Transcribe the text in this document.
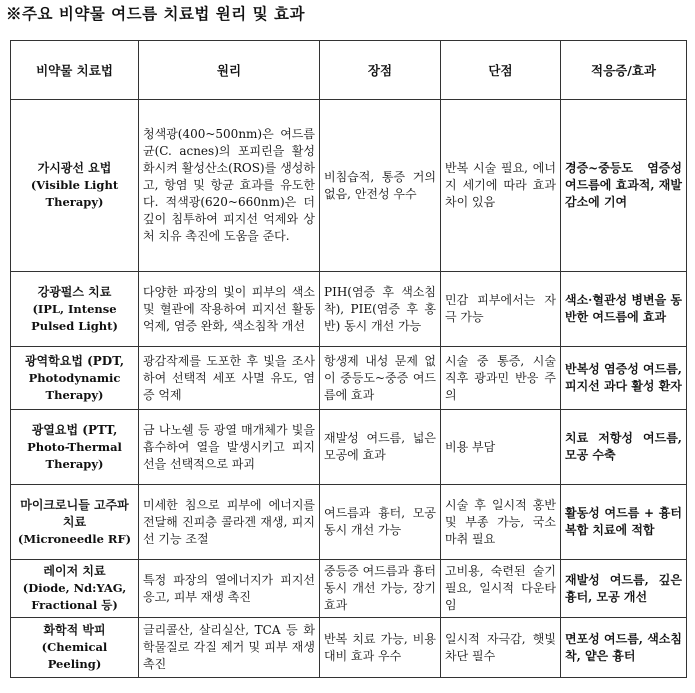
※주요 비약물 여드름 치료법 원리 및 효과
비약물 치료법	원리	장점	단점	적응증/효과

가시광선 요법
(Visible Light Therapy)	청색광(400~500nm)은 여드름균(C. acnes)의 포피린을 활성화시켜 활성산소(ROS)를 생성하고, 항염 및 항균 효과를 유도한다. 적색광(620~660nm)은 더 깊이 침투하여 피지선 억제와 상처 치유 촉진에 도움을 준다.	비침습적, 통증 거의 없음, 안전성 우수	반복 시술 필요, 에너지 세기에 따라 효과 차이 있음	경증~중등도 염증성 여드름에 효과적, 재발 감소에 기여

강광펄스 치료
(IPL, Intense Pulsed Light)	다양한 파장의 빛이 피부의 색소 및 혈관에 작용하여 피지선 활동 억제, 염증 완화, 색소침착 개선	PIH(염증 후 색소침착), PIE(염증 후 홍반) 동시 개선 가능	민감 피부에서는 자극 가능	색소·혈관성 병변을 동반한 여드름에 효과

광역학요법 (PDT,
Photodynamic Therapy)	광감작제를 도포한 후 빛을 조사하여 선택적 세포 사멸 유도, 염증 억제	항생제 내성 문제 없이 중등도~중증 여드름에 효과	시술 중 통증, 시술 직후 광과민 반응 주의	반복성 염증성 여드름, 피지선 과다 활성 환자

광열요법 (PTT,
Photo-Thermal Therapy)	금 나노쉘 등 광열 매개체가 빛을 흡수하여 열을 발생시키고 피지선을 선택적으로 파괴	재발성 여드름, 넓은 모공에 효과	비용 부담	치료 저항성 여드름, 모공 수축

마이크로니들 고주파 치료
(Microneedle RF)	미세한 침으로 피부에 에너지를 전달해 진피층 콜라겐 재생, 피지선 기능 조절	여드름과 흉터, 모공 동시 개선 가능	시술 후 일시적 홍반 및 부종 가능, 국소 마취 필요	활동성 여드름 + 흉터 복합 치료에 적합

레이저 치료
(Diode, Nd:YAG, Fractional 등)	특정 파장의 열에너지가 피지선 응고, 피부 재생 촉진	중등증 여드름과 흉터 동시 개선 가능, 장기 효과	고비용, 숙련된 술기 필요, 일시적 다운타임	재발성 여드름, 깊은 흉터, 모공 개선

화학적 박피
(Chemical Peeling)	글리콜산, 살리실산, TCA 등 화학물질로 각질 제거 및 피부 재생 촉진	반복 치료 가능, 비용 대비 효과 우수	일시적 자극감, 햇빛 차단 필수	면포성 여드름, 색소침착, 얕은 흉터
